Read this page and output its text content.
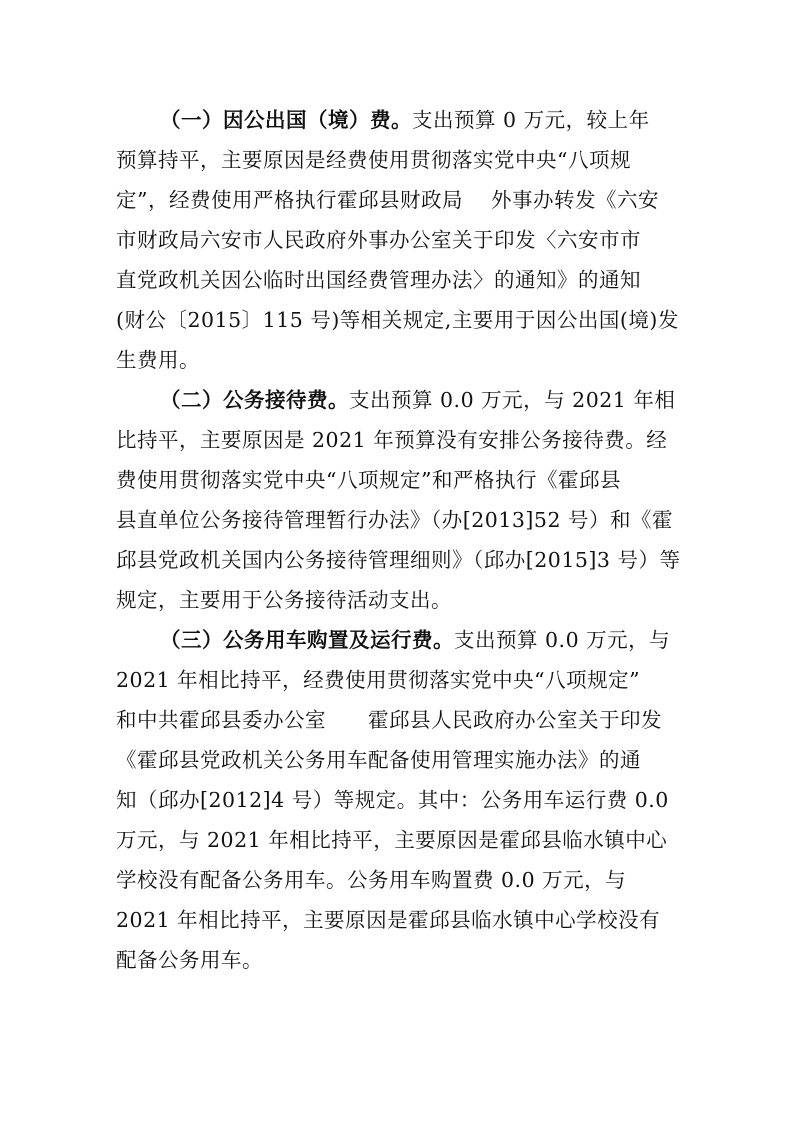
（一）因公出国（境）费。支出预算 0 万元，较上年
预算持平，主要原因是经费使用贯彻落实党中央“八项规
定”，经费使用严格执行霍邱县财政局　 外事办转发《六安
市财政局六安市人民政府外事办公室关于印发〈六安市市
直党政机关因公临时出国经费管理办法〉的通知》的通知
(财公〔2015〕115 号)等相关规定,主要用于因公出国(境)发
生费用。
（二）公务接待费。支出预算 0.0 万元，与 2021 年相
比持平，主要原因是 2021 年预算没有安排公务接待费。经
费使用贯彻落实党中央“八项规定”和严格执行《霍邱县
县直单位公务接待管理暂行办法》（办[2013]52 号）和《霍
邱县党政机关国内公务接待管理细则》（邱办[2015]3 号）等
规定，主要用于公务接待活动支出。
（三）公务用车购置及运行费。支出预算 0.0 万元，与
2021 年相比持平，经费使用贯彻落实党中央“八项规定”
和中共霍邱县委办公室　　霍邱县人民政府办公室关于印发
《霍邱县党政机关公务用车配备使用管理实施办法》的通
知（邱办[2012]4 号）等规定。其中：公务用车运行费 0.0
万元，与 2021 年相比持平，主要原因是霍邱县临水镇中心
学校没有配备公务用车。公务用车购置费 0.0 万元，与
2021 年相比持平，主要原因是霍邱县临水镇中心学校没有
配备公务用车。
